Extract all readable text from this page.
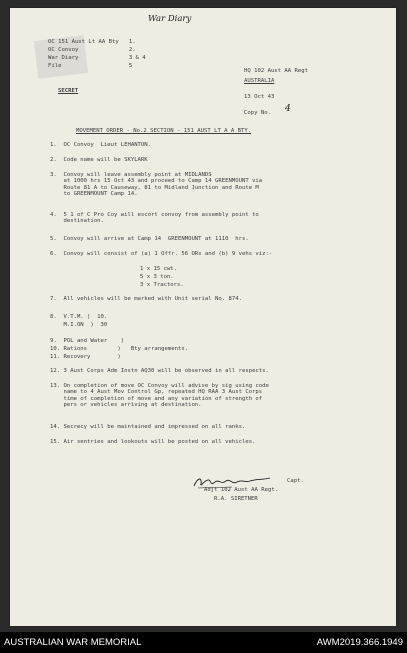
War Diary
OC 151 Aust Lt AA Bty   1.
OC Convoy               2.
War Diary               3 & 4
File                    5
HQ 102 Aust AA Regt
AUSTRALIA
13 Oct 43
Copy No. 4
SECRET
MOVEMENT ORDER - No.2 SECTION - 151 AUST LT A A BTY.
1.  OC Convoy  Lieut LEHANTON.
2.  Code name will be SKYLARK
3.  Convoy will leave assembly point at MIDLANDS
at 1000 hrs 15 Oct 43 and proceed to Camp 14 GREENMOUNT via
Route 81 A to Causeway, 81 to Midland Junction and Route M
to GREENMOUNT Camp 14.
4.  5 1 of C Pro Coy will escort convoy from assembly point to
destination.
5.  Convoy will arrive at Camp 14  GREENMOUNT at 1110  hrs.
6.  Convoy will consist of (a) 1 Offr. 56 ORs and (b) 9 vehs viz:-
1 x 15 cwt.
5 x 3 ton.
3 x Tractors.
7.  All vehicles will be marked with Unit serial No. 874.
8.  V.T.M. )  10.
M.I.ON  )  30
9.  POL and Water    )
10. Rations         )   Bty arrangements.
11. Recovery        )
12. 3 Aust Corps Adm Instn AQ30 will be observed in all respects.
13. On completion of move OC Convoy will advise by sig using code
name to 4 Aust Mov Control Gp, repeated HQ RAA 3 Aust Corps
time of completion of move and any variation of strength of
pers or vehicles arriving at destination.
14. Secrecy will be maintained and impressed on all ranks.
15. Air sentries and lookouts will be posted on all vehicles.
Capt.
Adjt 102 Aust AA Regt.
R.A. SIRETNER
AUSTRALIAN WAR MEMORIAL	AWM2019.366.1949
